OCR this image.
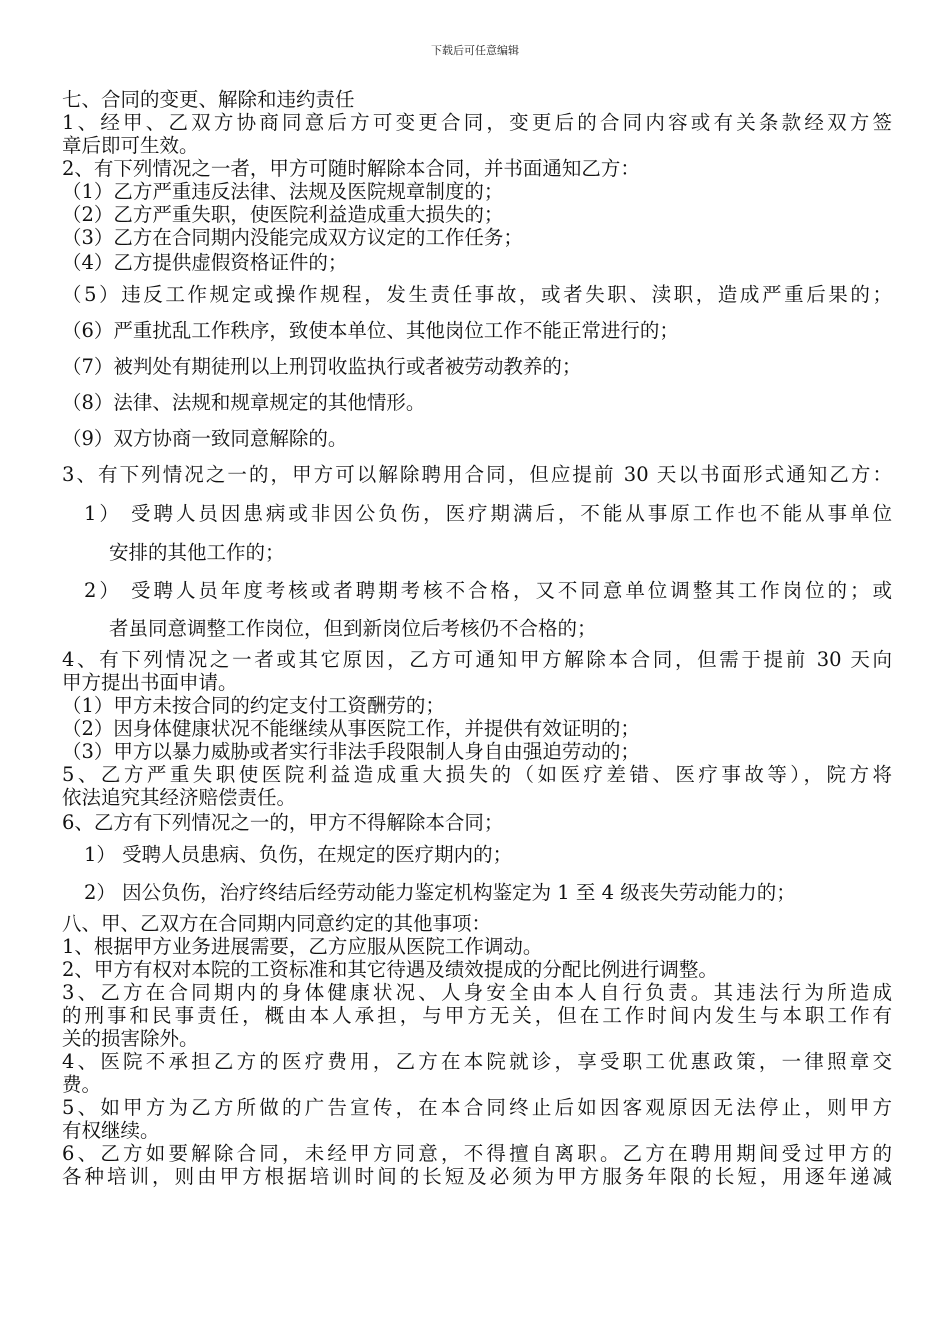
下载后可任意编辑
七、合同的变更、解除和违约责任
1、经甲、乙双方协商同意后方可变更合同，变更后的合同内容或有关条款经双方签
章后即可生效。
2、有下列情况之一者，甲方可随时解除本合同，并书面通知乙方：
（1）乙方严重违反法律、法规及医院规章制度的；
（2）乙方严重失职，使医院利益造成重大损失的；
（3）乙方在合同期内没能完成双方议定的工作任务；
（4）乙方提供虚假资格证件的；
（5）违反工作规定或操作规程，发生责任事故，或者失职、渎职，造成严重后果的；
（6）严重扰乱工作秩序，致使本单位、其他岗位工作不能正常进行的；
（7）被判处有期徒刑以上刑罚收监执行或者被劳动教养的；
（8）法律、法规和规章规定的其他情形。
（9）双方协商一致同意解除的。
3、有下列情况之一的，甲方可以解除聘用合同，但应提前 30 天以书面形式通知乙方：
1） 受聘人员因患病或非因公负伤，医疗期满后，不能从事原工作也不能从事单位
安排的其他工作的；
2） 受聘人员年度考核或者聘期考核不合格，又不同意单位调整其工作岗位的；或
者虽同意调整工作岗位，但到新岗位后考核仍不合格的；
4、有下列情况之一者或其它原因，乙方可通知甲方解除本合同，但需于提前 30 天向
甲方提出书面申请。
（1）甲方未按合同的约定支付工资酬劳的；
（2）因身体健康状况不能继续从事医院工作，并提供有效证明的；
（3）甲方以暴力威胁或者实行非法手段限制人身自由强迫劳动的；
5、乙方严重失职使医院利益造成重大损失的（如医疗差错、医疗事故等），院方将
依法追究其经济赔偿责任。
6、乙方有下列情况之一的，甲方不得解除本合同；
1） 受聘人员患病、负伤，在规定的医疗期内的；
2） 因公负伤，治疗终结后经劳动能力鉴定机构鉴定为 1 至 4 级丧失劳动能力的；
八、甲、乙双方在合同期内同意约定的其他事项：
1、根据甲方业务进展需要，乙方应服从医院工作调动。
2、甲方有权对本院的工资标准和其它待遇及绩效提成的分配比例进行调整。
3、乙方在合同期内的身体健康状况、人身安全由本人自行负责。其违法行为所造成
的刑事和民事责任，概由本人承担，与甲方无关，但在工作时间内发生与本职工作有
关的损害除外。
4、医院不承担乙方的医疗费用，乙方在本院就诊，享受职工优惠政策，一律照章交
费。
5、如甲方为乙方所做的广告宣传，在本合同终止后如因客观原因无法停止，则甲方
有权继续。
6、乙方如要解除合同，未经甲方同意，不得擅自离职。乙方在聘用期间受过甲方的
各种培训，则由甲方根据培训时间的长短及必须为甲方服务年限的长短，用逐年递减
